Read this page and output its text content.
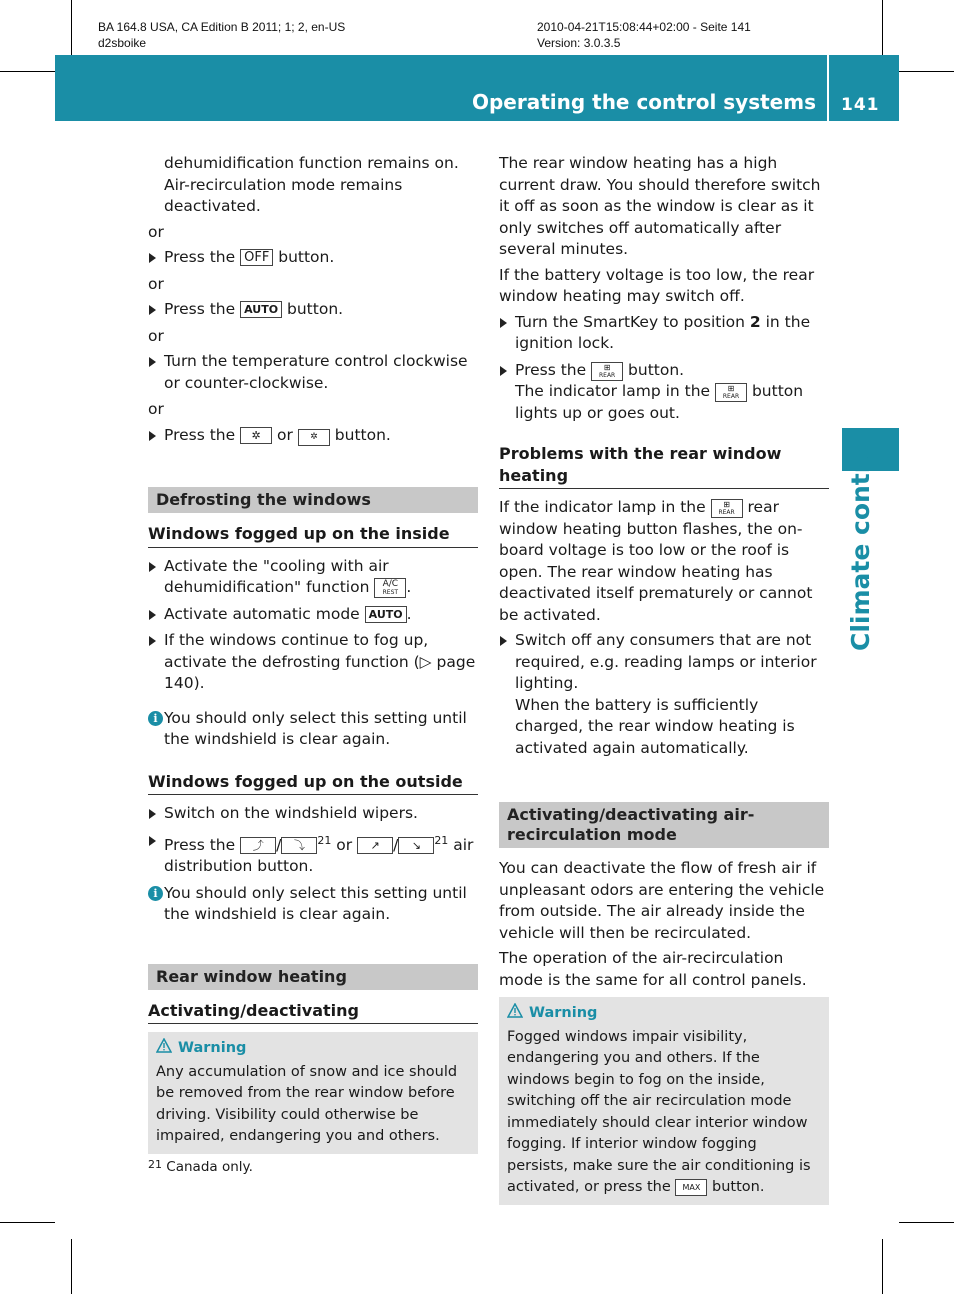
BA 164.8 USA, CA Edition B 2011; 1; 2, en-US
d2sboike
2010-04-21T15:08:44+02:00 - Seite 141
Version: 3.0.3.5
Operating the control systems 141
Climate control

dehumidification function remains on. Air-recirculation mode remains deactivated.

or

Press the OFF button.

or

Press the AUTO button.

or

Turn the temperature control clockwise or counter-clockwise.

or

Press the ✲ or ✲ button.
Defrosting the windows
Windows fogged up on the inside
Activate the "cooling with air dehumidification" function	A/C
REST .
Activate automatic mode AUTO .
If the windows continue to fog up, activate the defrosting function (▷ page 140).
i You should only select this setting until the windshield is clear again.
Windows fogged up on the outside
Switch on the windshield wipers.
Press the ⤴ / ⤵ $^{21}$ or ↗ / ↘ $^{21}$ air distribution button.
i You should only select this setting until the windshield is clear again.
Rear window heating
Activating/deactivating
Warning

Any accumulation of snow and ice should be removed from the rear window before driving. Visibility could otherwise be impaired, endangering you and others.

The rear window heating has a high current draw. You should therefore switch it off as soon as the window is clear as it only switches off automatically after several minutes.

If the battery voltage is too low, the rear window heating may switch off.

Turn the SmartKey to position 2 in the ignition lock.
Press the	⊞
REAR button.
The indicator lamp in the	⊞
REAR button lights up or goes out.
Problems with the rear window heating

If the indicator lamp in the	⊞
REAR rear window heating button flashes, the on-board voltage is too low or the roof is open. The rear window heating has deactivated itself prematurely or cannot be activated.

Switch off any consumers that are not required, e.g. reading lamps or interior lighting.
When the battery is sufficiently charged, the rear window heating is activated again automatically.
Activating/deactivating air-recirculation mode

You can deactivate the flow of fresh air if unpleasant odors are entering the vehicle from outside. The air already inside the vehicle will then be recirculated.

The operation of the air-recirculation mode is the same for all control panels.

Warning

Fogged windows impair visibility, endangering you and others. If the windows begin to fog on the inside, switching off the air recirculation mode immediately should clear interior window fogging. If interior window fogging persists, make sure the air conditioning is activated, or press the MAX button.

$^{21}$ Canada only.
